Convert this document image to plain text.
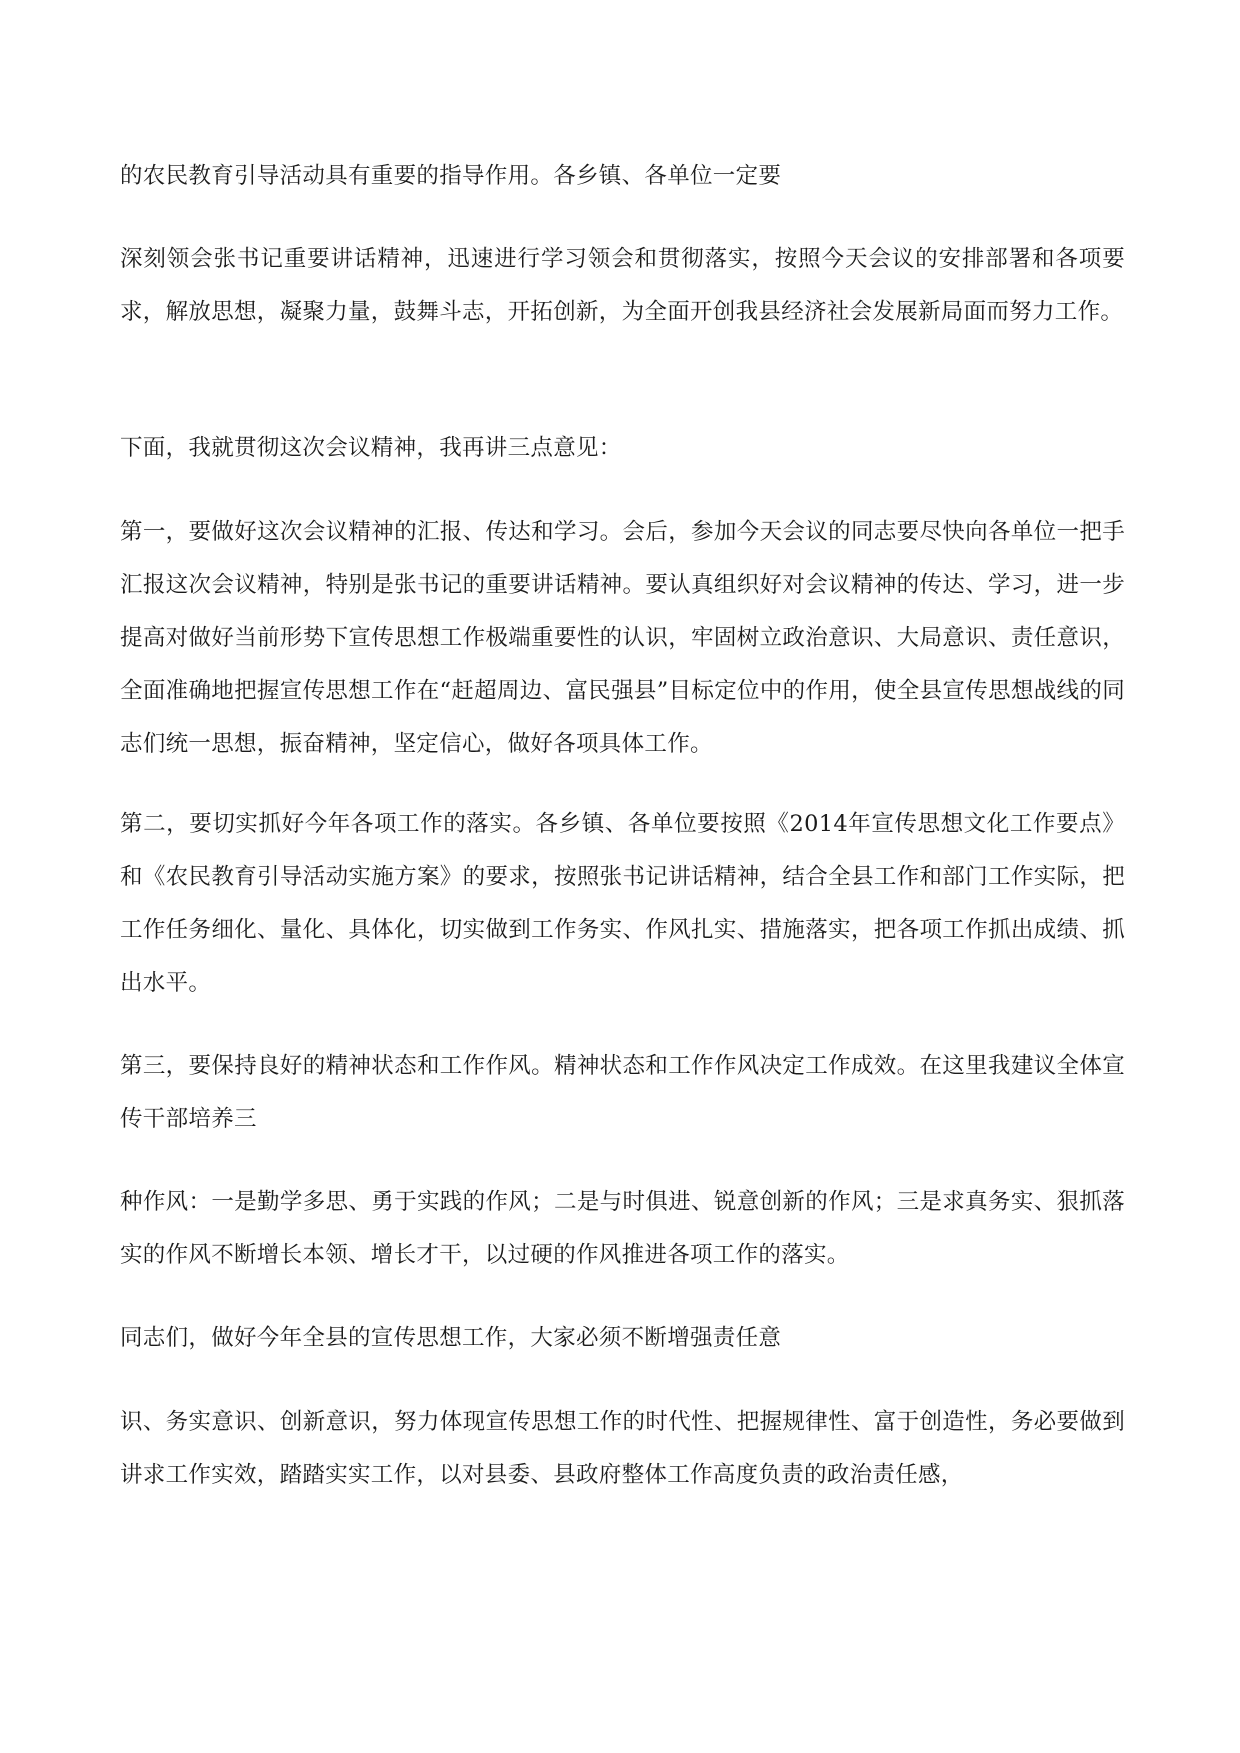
的农民教育引导活动具有重要的指导作用。各乡镇、各单位一定要

深刻领会张书记重要讲话精神，迅速进行学习领会和贯彻落实，按照今天会议的安排部署和各项要求，解放思想，凝聚力量，鼓舞斗志，开拓创新，为全面开创我县经济社会发展新局面而努力工作。

下面，我就贯彻这次会议精神，我再讲三点意见：

第一，要做好这次会议精神的汇报、传达和学习。会后，参加今天会议的同志要尽快向各单位一把手汇报这次会议精神，特别是张书记的重要讲话精神。要认真组织好对会议精神的传达、学习，进一步提高对做好当前形势下宣传思想工作极端重要性的认识，牢固树立政治意识、大局意识、责任意识，全面准确地把握宣传思想工作在“赶超周边、富民强县”目标定位中的作用，使全县宣传思想战线的同志们统一思想，振奋精神，坚定信心，做好各项具体工作。

第二，要切实抓好今年各项工作的落实。各乡镇、各单位要按照《2014年宣传思想文化工作要点》和《农民教育引导活动实施方案》的要求，按照张书记讲话精神，结合全县工作和部门工作实际，把工作任务细化、量化、具体化，切实做到工作务实、作风扎实、措施落实，把各项工作抓出成绩、抓出水平。

第三，要保持良好的精神状态和工作作风。精神状态和工作作风决定工作成效。在这里我建议全体宣传干部培养三

种作风：一是勤学多思、勇于实践的作风；二是与时俱进、锐意创新的作风；三是求真务实、狠抓落实的作风不断增长本领、增长才干，以过硬的作风推进各项工作的落实。

同志们，做好今年全县的宣传思想工作，大家必须不断增强责任意

识、务实意识、创新意识，努力体现宣传思想工作的时代性、把握规律性、富于创造性，务必要做到讲求工作实效，踏踏实实工作，以对县委、县政府整体工作高度负责的政治责任感，
